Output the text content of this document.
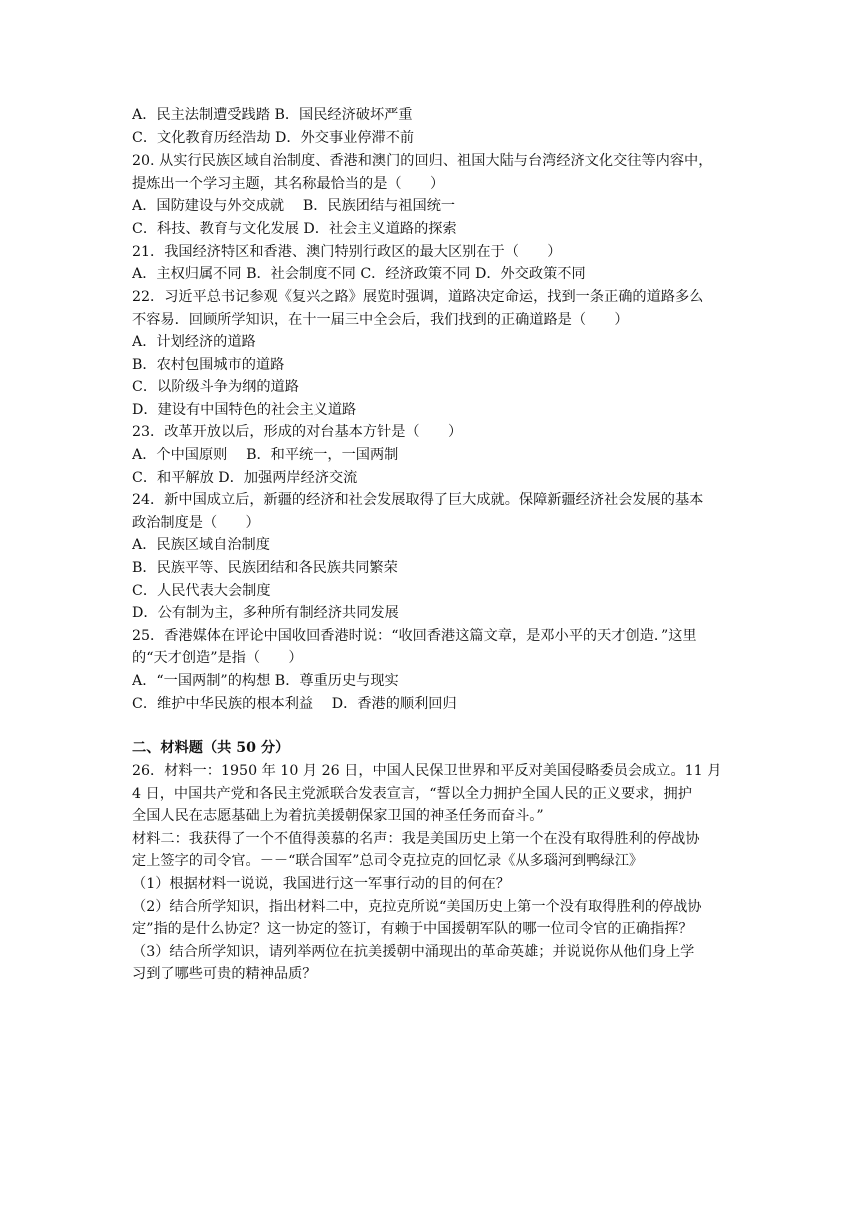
A．民主法制遭受践踏 B．国民经济破坏严重
C．文化教育历经浩劫 D．外交事业停滞不前
20. 从实行民族区域自治制度、香港和澳门的回归、祖国大陆与台湾经济文化交往等内容中，
提炼出一个学习主题，其名称最恰当的是（　　）
A．国防建设与外交成就　 B．民族团结与祖国统一
C．科技、教育与文化发展 D．社会主义道路的探索
21．我国经济特区和香港、澳门特别行政区的最大区别在于（　　）
A．主权归属不同 B．社会制度不同 C．经济政策不同 D．外交政策不同
22．习近平总书记参观《复兴之路》展览时强调，道路决定命运，找到一条正确的道路多么
不容易．回顾所学知识，在十一届三中全会后，我们找到的正确道路是（　　）
A．计划经济的道路
B．农村包围城市的道路
C．以阶级斗争为纲的道路
D．建设有中国特色的社会主义道路
23．改革开放以后，形成的对台基本方针是（　　）
A．个中国原则　 B．和平统一，一国两制
C．和平解放 D．加强两岸经济交流
24．新中国成立后，新疆的经济和社会发展取得了巨大成就。保障新疆经济社会发展的基本
政治制度是（　　）
A．民族区域自治制度
B．民族平等、民族团结和各民族共同繁荣
C．人民代表大会制度
D．公有制为主，多种所有制经济共同发展
25．香港媒体在评论中国收回香港时说：“收回香港这篇文章，是邓小平的天才创造．”这里
的“天才创造”是指（　　）
A．“一国两制”的构想 B．尊重历史与现实
C．维护中华民族的根本利益　 D．香港的顺利回归
二、材料题（共 50 分）
26．材料一：1950 年 10 月 26 日，中国人民保卫世界和平反对美国侵略委员会成立。11 月
4 日，中国共产党和各民主党派联合发表宣言，“誓以全力拥护全国人民的正义要求，拥护
全国人民在志愿基础上为着抗美援朝保家卫国的神圣任务而奋斗。”
材料二：我获得了一个不值得羡慕的名声：我是美国历史上第一个在没有取得胜利的停战协
定上签字的司令官。－－“联合国军”总司令克拉克的回忆录《从多瑙河到鸭绿江》
（1）根据材料一说说，我国进行这一军事行动的目的何在？
（2）结合所学知识，指出材料二中，克拉克所说“美国历史上第一个没有取得胜利的停战协
定”指的是什么协定？这一协定的签订，有赖于中国援朝军队的哪一位司令官的正确指挥？
（3）结合所学知识，请列举两位在抗美援朝中涌现出的革命英雄；并说说你从他们身上学
习到了哪些可贵的精神品质？
